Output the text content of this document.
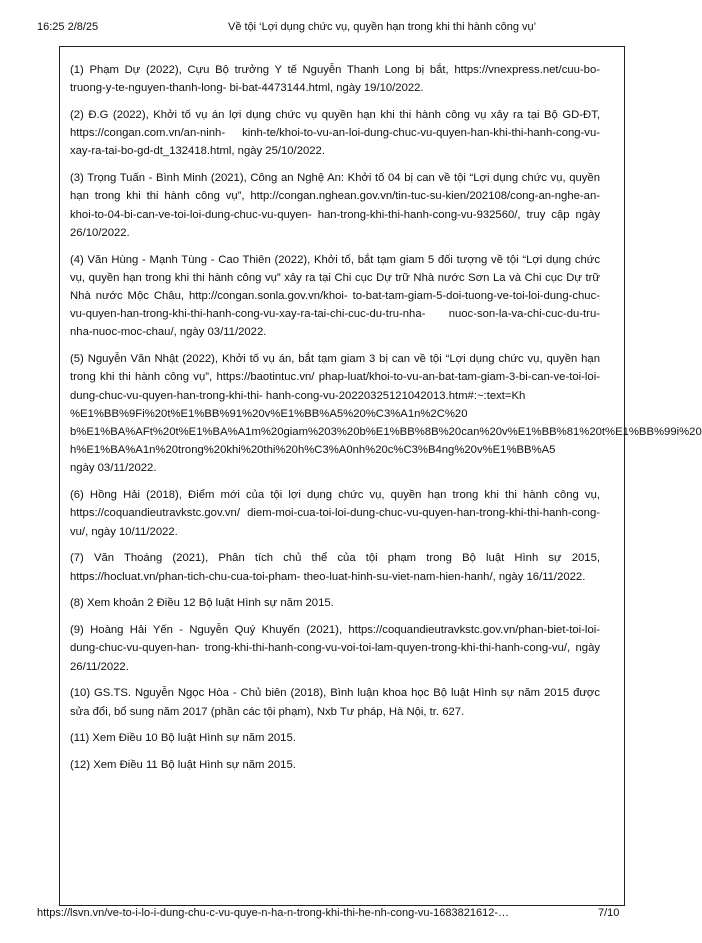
16:25 2/8/25	Về tội ‘Lợi dụng chức vụ, quyền hạn trong khi thi hành công vụ’

(1) Phạm Dự (2022), Cựu Bộ trưởng Y tế Nguyễn Thanh Long bị bắt, https://vnexpress.net/cuu-bo-truong-y-te-nguyen-thanh-long- bi-bat-4473144.html, ngày 19/10/2022.

(2) Đ.G (2022), Khởi tố vụ án lợi dụng chức vụ quyền hạn khi thi hành công vụ xảy ra tại Bộ GD-ĐT, https://congan.com.vn/an-ninh- kinh-te/khoi-to-vu-an-loi-dung-chuc-vu-quyen-han-khi-thi-hanh-cong-vu-xay-ra-tai-bo-gd-dt_132418.html, ngày 25/10/2022.

(3) Trọng Tuấn - Bình Minh (2021), Công an Nghệ An: Khởi tố 04 bị can về tội “Lợi dụng chức vụ, quyền hạn trong khi thi hành công vụ”, http://congan.nghean.gov.vn/tin-tuc-su-kien/202108/cong-an-nghe-an-khoi-to-04-bi-can-ve-toi-loi-dung-chuc-vu-quyen- han-trong-khi-thi-hanh-cong-vu-932560/, truy cập ngày 26/10/2022.

(4) Văn Hùng - Mạnh Tùng - Cao Thiên (2022), Khởi tố, bắt tạm giam 5 đối tượng về tội “Lợi dụng chức vụ, quyền hạn trong khi thi hành công vụ” xảy ra tại Chi cục Dự trữ Nhà nước Sơn La và Chi cục Dự trữ Nhà nước Mộc Châu, http://congan.sonla.gov.vn/khoi- to-bat-tam-giam-5-doi-tuong-ve-toi-loi-dung-chuc-vu-quyen-han-trong-khi-thi-hanh-cong-vu-xay-ra-tai-chi-cuc-du-tru-nha- nuoc-son-la-va-chi-cuc-du-tru-nha-nuoc-moc-chau/, ngày 03/11/2022.

(5) Nguyễn Văn Nhật (2022), Khởi tố vụ án, bắt tạm giam 3 bị can về tội “Lợi dụng chức vụ, quyền hạn trong khi thi hành công vụ”, https://baotintuc.vn/ phap-luat/khoi-to-vu-an-bat-tam-giam-3-bi-can-ve-toi-loi-dung-chuc-vu-quyen-han-trong-khi-thi- hanh-cong-vu-20220325121042013.htm#:~:text=Kh
%E1%BB%9Fi%20t%E1%BB%91%20v%E1%BB%A5%20%C3%A1n%2C%20
b%E1%BA%AFt%20t%E1%BA%A1m%20giam%203%20b%E1%BB%8B%20can%20v%E1%BB%81%20t%E1%BB%99i%20
h%E1%BA%A1n%20trong%20khi%20thi%20h%C3%A0nh%20c%C3%B4ng%20v%E1%BB%A5
ngày 03/11/2022.

(6) Hồng Hải (2018), Điểm mới của tội lợi dụng chức vụ, quyền hạn trong khi thi hành công vụ, https://coquandieutravkstc.gov.vn/ diem-moi-cua-toi-loi-dung-chuc-vu-quyen-han-trong-khi-thi-hanh-cong-vu/, ngày 10/11/2022.

(7) Văn Thoáng (2021), Phân tích chủ thể của tội phạm trong Bộ luật Hình sự 2015, https://hocluat.vn/phan-tich-chu-cua-toi-pham- theo-luat-hinh-su-viet-nam-hien-hanh/, ngày 16/11/2022.

(8) Xem khoản 2 Điều 12 Bộ luật Hình sự năm 2015.

(9) Hoàng Hải Yến - Nguyễn Quý Khuyến (2021), https://coquandieutravkstc.gov.vn/phan-biet-toi-loi-dung-chuc-vu-quyen-han- trong-khi-thi-hanh-cong-vu-voi-toi-lam-quyen-trong-khi-thi-hanh-cong-vu/, ngày 26/11/2022.

(10) GS.TS. Nguyễn Ngọc Hòa - Chủ biên (2018), Bình luận khoa học Bộ luật Hình sự năm 2015 được sửa đổi, bổ sung năm 2017 (phần các tội phạm), Nxb Tư pháp, Hà Nội, tr. 627.

(11) Xem Điều 10 Bộ luật Hình sự năm 2015.

(12) Xem Điều 11 Bộ luật Hình sự năm 2015.

https://lsvn.vn/ve-to-i-lo-i-dung-chu-c-vu-quye-n-ha-n-trong-khi-thi-he-nh-cong-vu-1683821612-…	7/10
